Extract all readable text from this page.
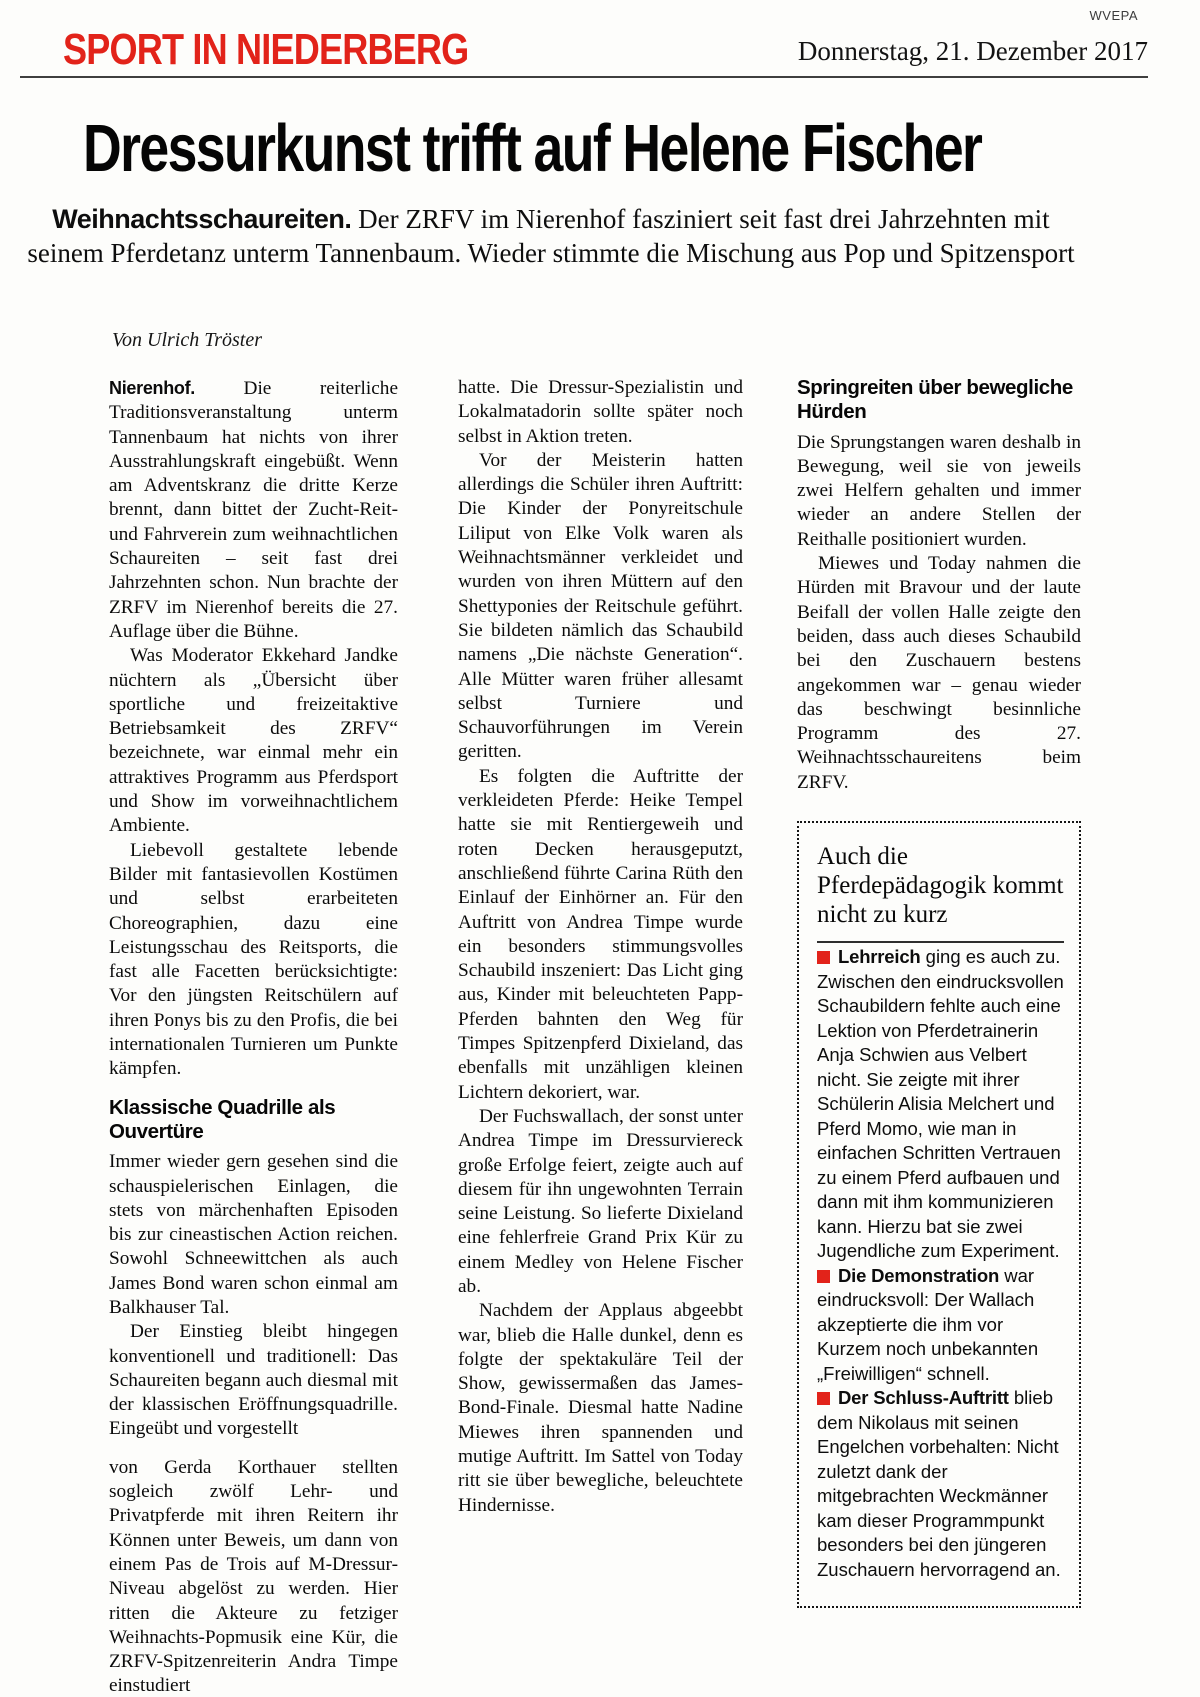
WVEPA
SPORT IN NIEDERBERG	Donnerstag, 21. Dezember 2017
Dressurkunst trifft auf Helene Fischer
Weihnachtsschaureiten. Der ZRFV im Nierenhof fasziniert seit fast drei Jahrzehnten mit seinem Pferdetanz unterm Tannenbaum. Wieder stimmte die Mischung aus Pop und Spitzensport
Von Ulrich Tröster

Nierenhof. Die reiterliche Traditionsveranstaltung unterm Tannenbaum hat nichts von ihrer Ausstrahlungskraft eingebüßt. Wenn am Adventskranz die dritte Kerze brennt, dann bittet der Zucht-Reit-und Fahrverein zum weihnachtlichen Schaureiten – seit fast drei Jahrzehnten schon. Nun brachte der ZRFV im Nierenhof bereits die 27. Auflage über die Bühne.

Was Moderator Ekkehard Jandke nüchtern als „Übersicht über sportliche und freizeitaktive Betriebsamkeit des ZRFV“ bezeichnete, war einmal mehr ein attraktives Programm aus Pferdsport und Show im vorweihnachtlichem Ambiente.

Liebevoll gestaltete lebende Bilder mit fantasievollen Kostümen und selbst erarbeiteten Choreographien, dazu eine Leistungsschau des Reitsports, die fast alle Facetten berücksichtigte: Vor den jüngsten Reitschülern auf ihren Ponys bis zu den Profis, die bei internationalen Turnieren um Punkte kämpfen.

Klassische Quadrille als Ouvertüre

Immer wieder gern gesehen sind die schauspielerischen Einlagen, die stets von märchenhaften Episoden bis zur cineastischen Action reichen. Sowohl Schneewittchen als auch James Bond waren schon einmal am Balkhauser Tal.

Der Einstieg bleibt hingegen konventionell und traditionell: Das Schaureiten begann auch diesmal mit der klassischen Eröffnungsquadrille. Eingeübt und vorgestellt

von Gerda Korthauer stellten sogleich zwölf Lehr- und Privatpferde mit ihren Reitern ihr Können unter Beweis, um dann von einem Pas de Trois auf M-Dressur-Niveau abgelöst zu werden. Hier ritten die Akteure zu fetziger Weihnachts-Popmusik eine Kür, die ZRFV-Spitzenreiterin Andra Timpe einstudiert

hatte. Die Dressur-Spezialistin und Lokalmatadorin sollte später noch selbst in Aktion treten.

Vor der Meisterin hatten allerdings die Schüler ihren Auftritt: Die Kinder der Ponyreitschule Liliput von Elke Volk waren als Weihnachtsmänner verkleidet und wurden von ihren Müttern auf den Shettyponies der Reitschule geführt. Sie bildeten nämlich das Schaubild namens „Die nächste Generation“. Alle Mütter waren früher allesamt selbst Turniere und Schauvorführungen im Verein geritten.

Es folgten die Auftritte der verkleideten Pferde: Heike Tempel hatte sie mit Rentiergeweih und roten Decken herausgeputzt, anschließend führte Carina Rüth den Einlauf der Einhörner an. Für den Auftritt von Andrea Timpe wurde ein besonders stimmungsvolles Schaubild inszeniert: Das Licht ging aus, Kinder mit beleuchteten Papp-Pferden bahnten den Weg für Timpes Spitzenpferd Dixieland, das ebenfalls mit unzähligen kleinen Lichtern dekoriert, war.

Der Fuchswallach, der sonst unter Andrea Timpe im Dressurviereck große Erfolge feiert, zeigte auch auf diesem für ihn ungewohnten Terrain seine Leistung. So lieferte Dixieland eine fehlerfreie Grand Prix Kür zu einem Medley von Helene Fischer ab.

Nachdem der Applaus abgeebbt war, blieb die Halle dunkel, denn es folgte der spektakuläre Teil der Show, gewissermaßen das James-Bond-Finale. Diesmal hatte Nadine Miewes ihren spannenden und mutige Auftritt. Im Sattel von Today ritt sie über bewegliche, beleuchtete Hindernisse.

Springreiten über bewegliche Hürden

Die Sprungstangen waren deshalb in Bewegung, weil sie von jeweils zwei Helfern gehalten und immer wieder an andere Stellen der Reithalle positioniert wurden.

Miewes und Today nahmen die Hürden mit Bravour und der laute Beifall der vollen Halle zeigte den beiden, dass auch dieses Schaubild bei den Zuschauern bestens angekommen war – genau wieder das beschwingt besinnliche Programm des 27. Weihnachtsschaureitens beim ZRFV.

Auch die Pferdepädagogik kommt nicht zu kurz

Lehrreich ging es auch zu. Zwischen den eindrucksvollen Schaubildern fehlte auch eine Lektion von Pferdetrainerin Anja Schwien aus Velbert nicht. Sie zeigte mit ihrer Schülerin Alisia Melchert und Pferd Momo, wie man in einfachen Schritten Vertrauen zu einem Pferd aufbauen und dann mit ihm kommunizieren kann. Hierzu bat sie zwei Jugendliche zum Experiment.

Die Demonstration war eindrucksvoll: Der Wallach akzeptierte die ihm vor Kurzem noch unbekannten „Freiwilligen“ schnell.

Der Schluss-Auftritt blieb dem Nikolaus mit seinen Engelchen vorbehalten: Nicht zuletzt dank der mitgebrachten Weckmänner kam dieser Programmpunkt besonders bei den jüngeren Zuschauern hervorragend an.
